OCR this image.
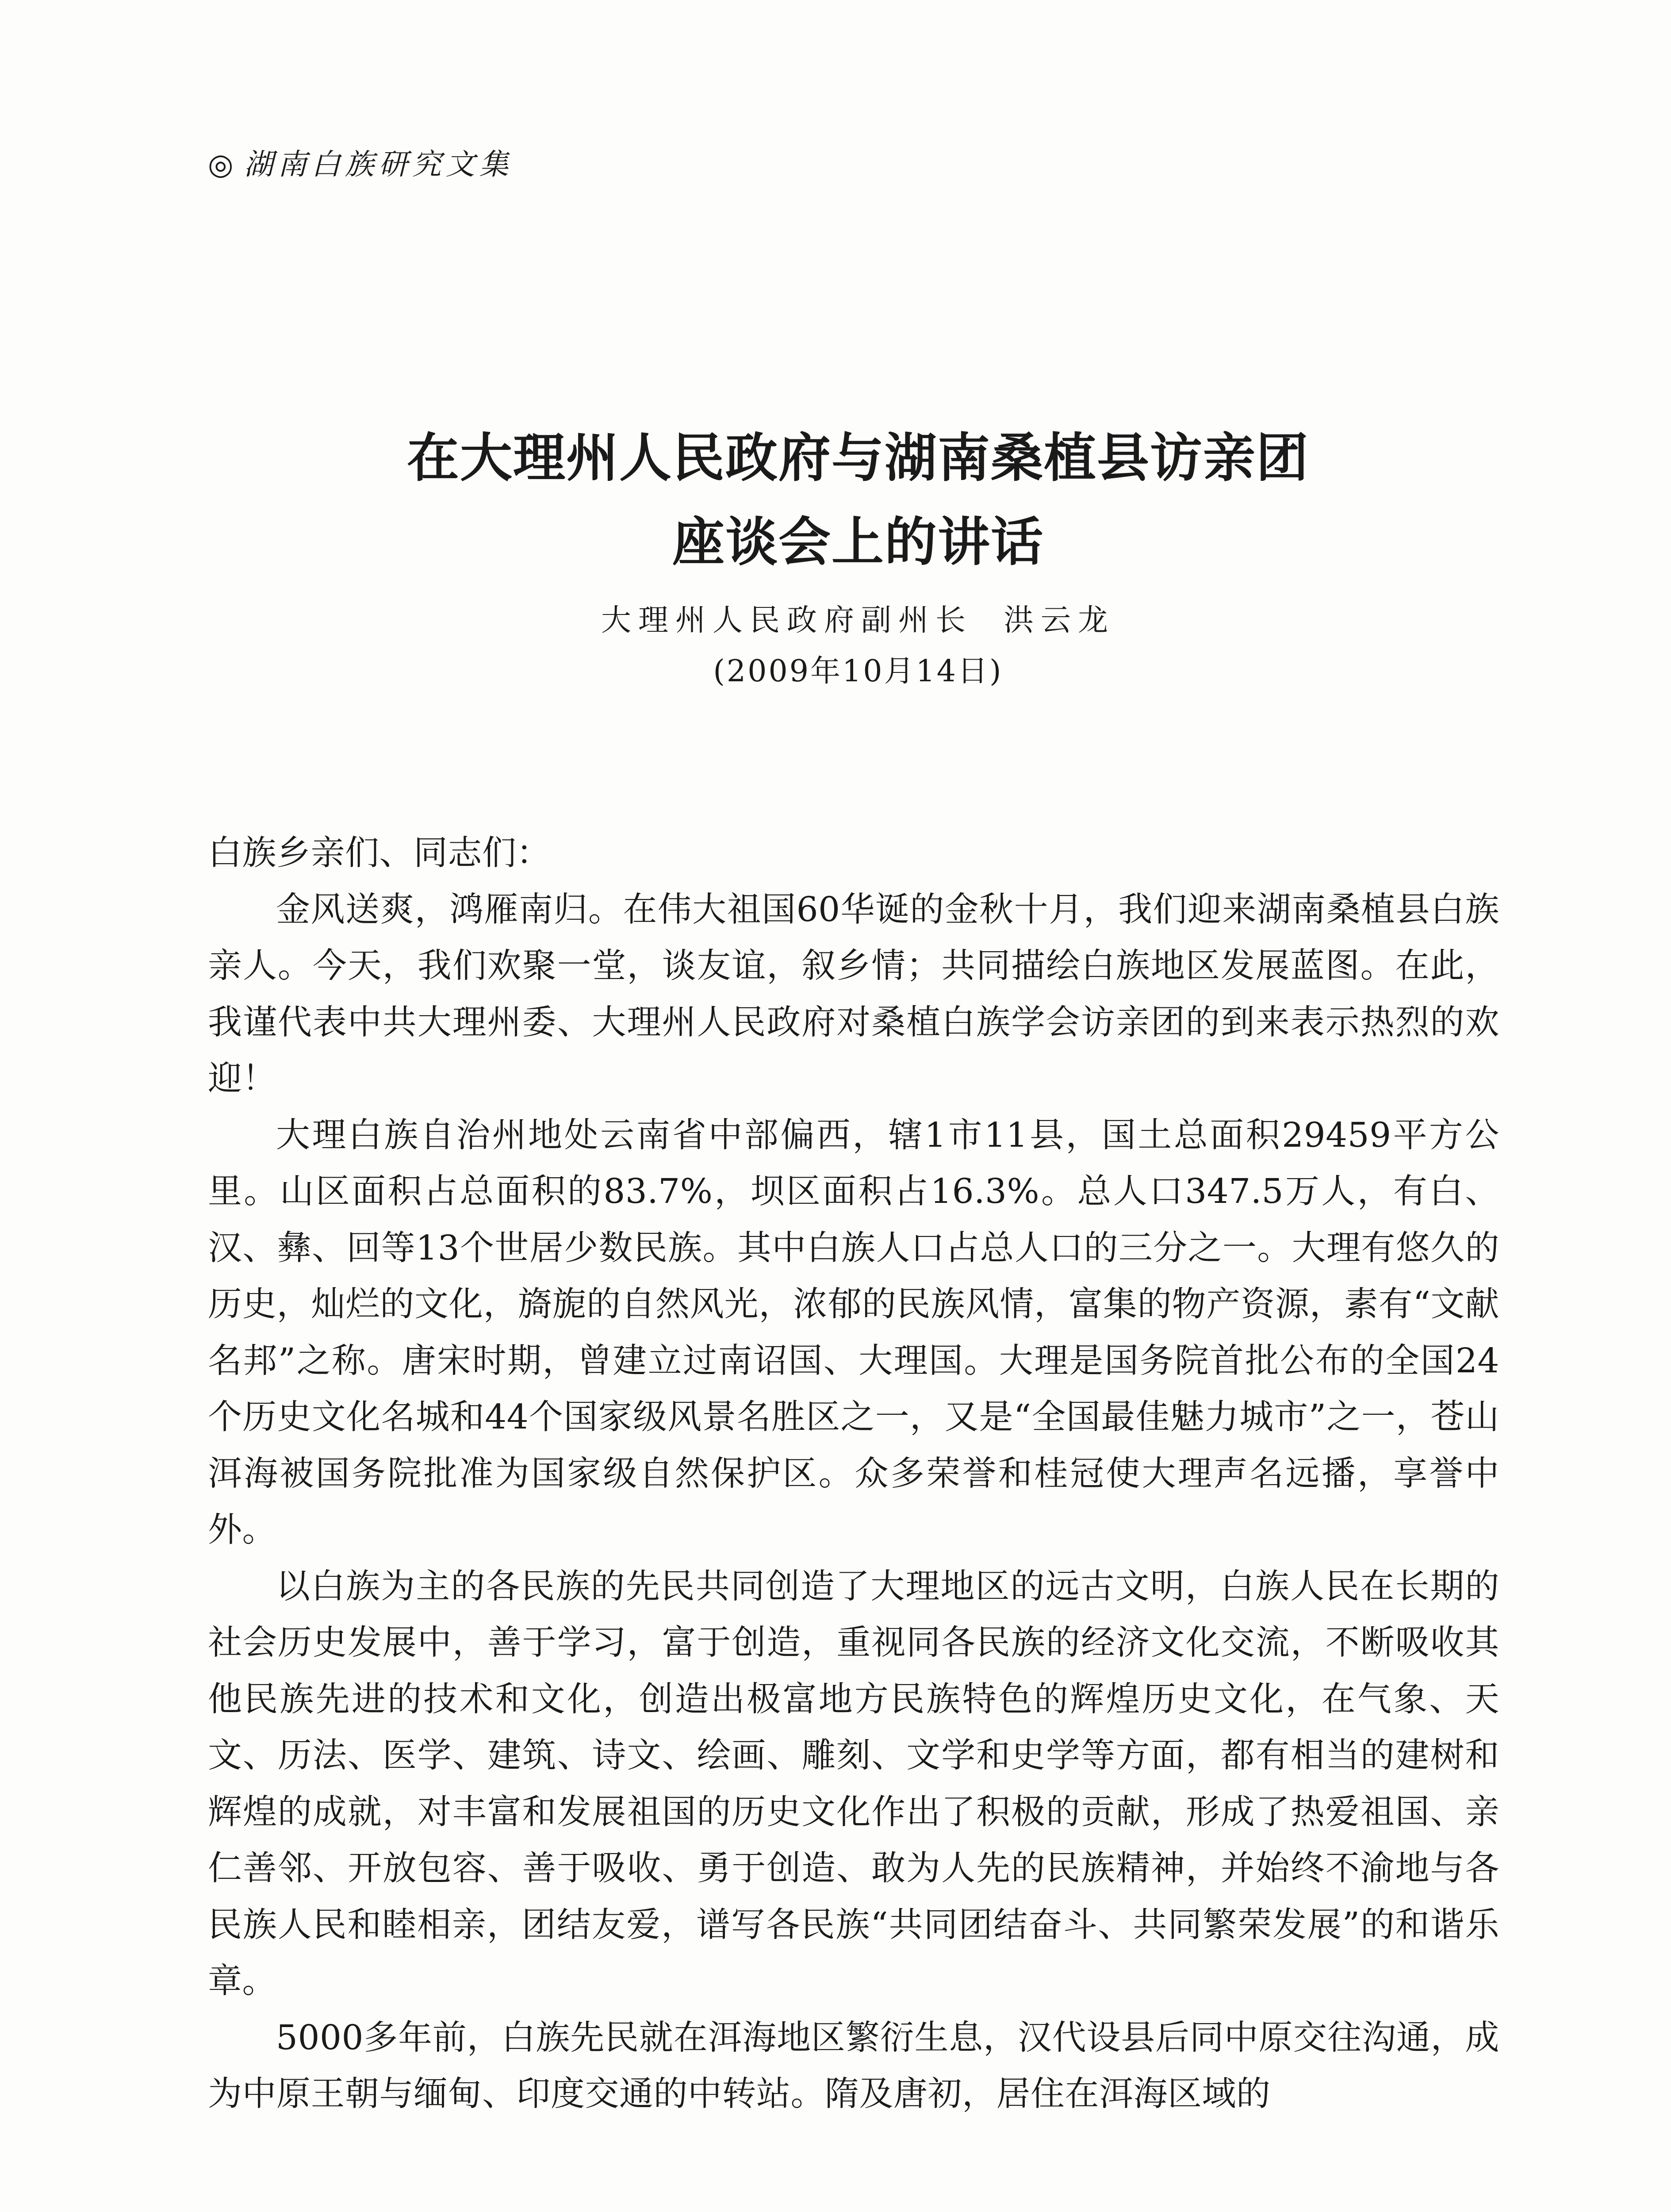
◎ 湖南白族研究文集
在大理州人民政府与湖南桑植县访亲团
座谈会上的讲话
大理州人民政府副州长 洪云龙
(2009年10月14日)

白族乡亲们、同志们：

金风送爽，鸿雁南归。在伟大祖国60华诞的金秋十月，我们迎来湖南桑植县白族亲人。今天，我们欢聚一堂，谈友谊，叙乡情；共同描绘白族地区发展蓝图。在此，我谨代表中共大理州委、大理州人民政府对桑植白族学会访亲团的到来表示热烈的欢迎！

大理白族自治州地处云南省中部偏西，辖1市11县，国土总面积29459平方公里。山区面积占总面积的83.7%，坝区面积占16.3%。总人口347.5万人，有白、汉、彝、回等13个世居少数民族。其中白族人口占总人口的三分之一。大理有悠久的历史，灿烂的文化，旖旎的自然风光，浓郁的民族风情，富集的物产资源，素有“文献名邦”之称。唐宋时期，曾建立过南诏国、大理国。大理是国务院首批公布的全国24个历史文化名城和44个国家级风景名胜区之一，又是“全国最佳魅力城市”之一，苍山洱海被国务院批准为国家级自然保护区。众多荣誉和桂冠使大理声名远播，享誉中外。

以白族为主的各民族的先民共同创造了大理地区的远古文明，白族人民在长期的社会历史发展中，善于学习，富于创造，重视同各民族的经济文化交流，不断吸收其他民族先进的技术和文化，创造出极富地方民族特色的辉煌历史文化，在气象、天文、历法、医学、建筑、诗文、绘画、雕刻、文学和史学等方面，都有相当的建树和辉煌的成就，对丰富和发展祖国的历史文化作出了积极的贡献，形成了热爱祖国、亲仁善邻、开放包容、善于吸收、勇于创造、敢为人先的民族精神，并始终不渝地与各民族人民和睦相亲，团结友爱，谱写各民族“共同团结奋斗、共同繁荣发展”的和谐乐章。

5000多年前，白族先民就在洱海地区繁衍生息，汉代设县后同中原交往沟通，成为中原王朝与缅甸、印度交通的中转站。隋及唐初，居住在洱海区域的
